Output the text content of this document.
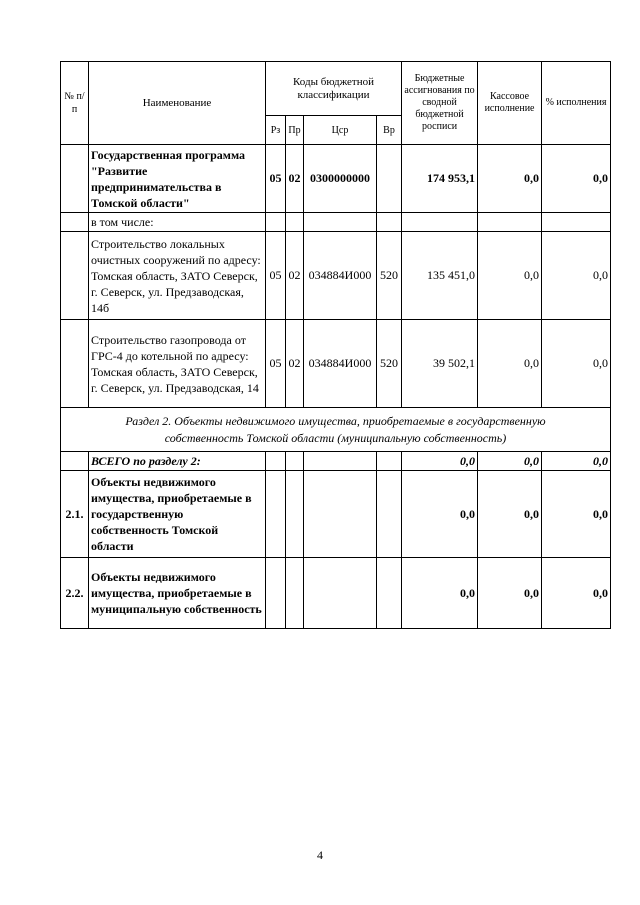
№ п/п	Наименование	Коды бюджетной классификации				Бюджетные ассигнования по сводной бюджетной росписи	Кассовое исполнение	% исполнения
		Рз	Пр	Цср	Вр			
	Государственная программа "Развитие предпринимательства в Томской области"	05	02	0300000000		174 953,1	0,0	0,0
	в том числе:							
	Строительство локальных очистных сооружений по адресу: Томская область, ЗАТО Северск, г. Северск, ул. Предзаводская, 14б	05	02	034884И000	520	135 451,0	0,0	0,0
	Строительство газопровода от ГРС-4 до котельной по адресу: Томская область, ЗАТО Северск, г. Северск, ул. Предзаводская, 14	05	02	034884И000	520	39 502,1	0,0	0,0
Раздел 2. Объекты недвижимого имущества, приобретаемые в государственную собственность Томской области (муниципальную собственность)								
	ВСЕГО по разделу 2:					0,0	0,0	0,0
2.1.	Объекты недвижимого имущества, приобретаемые в государственную собственность Томской области					0,0	0,0	0,0
2.2.	Объекты недвижимого имущества, приобретаемые в муниципальную собственность					0,0	0,0	0,0
4
